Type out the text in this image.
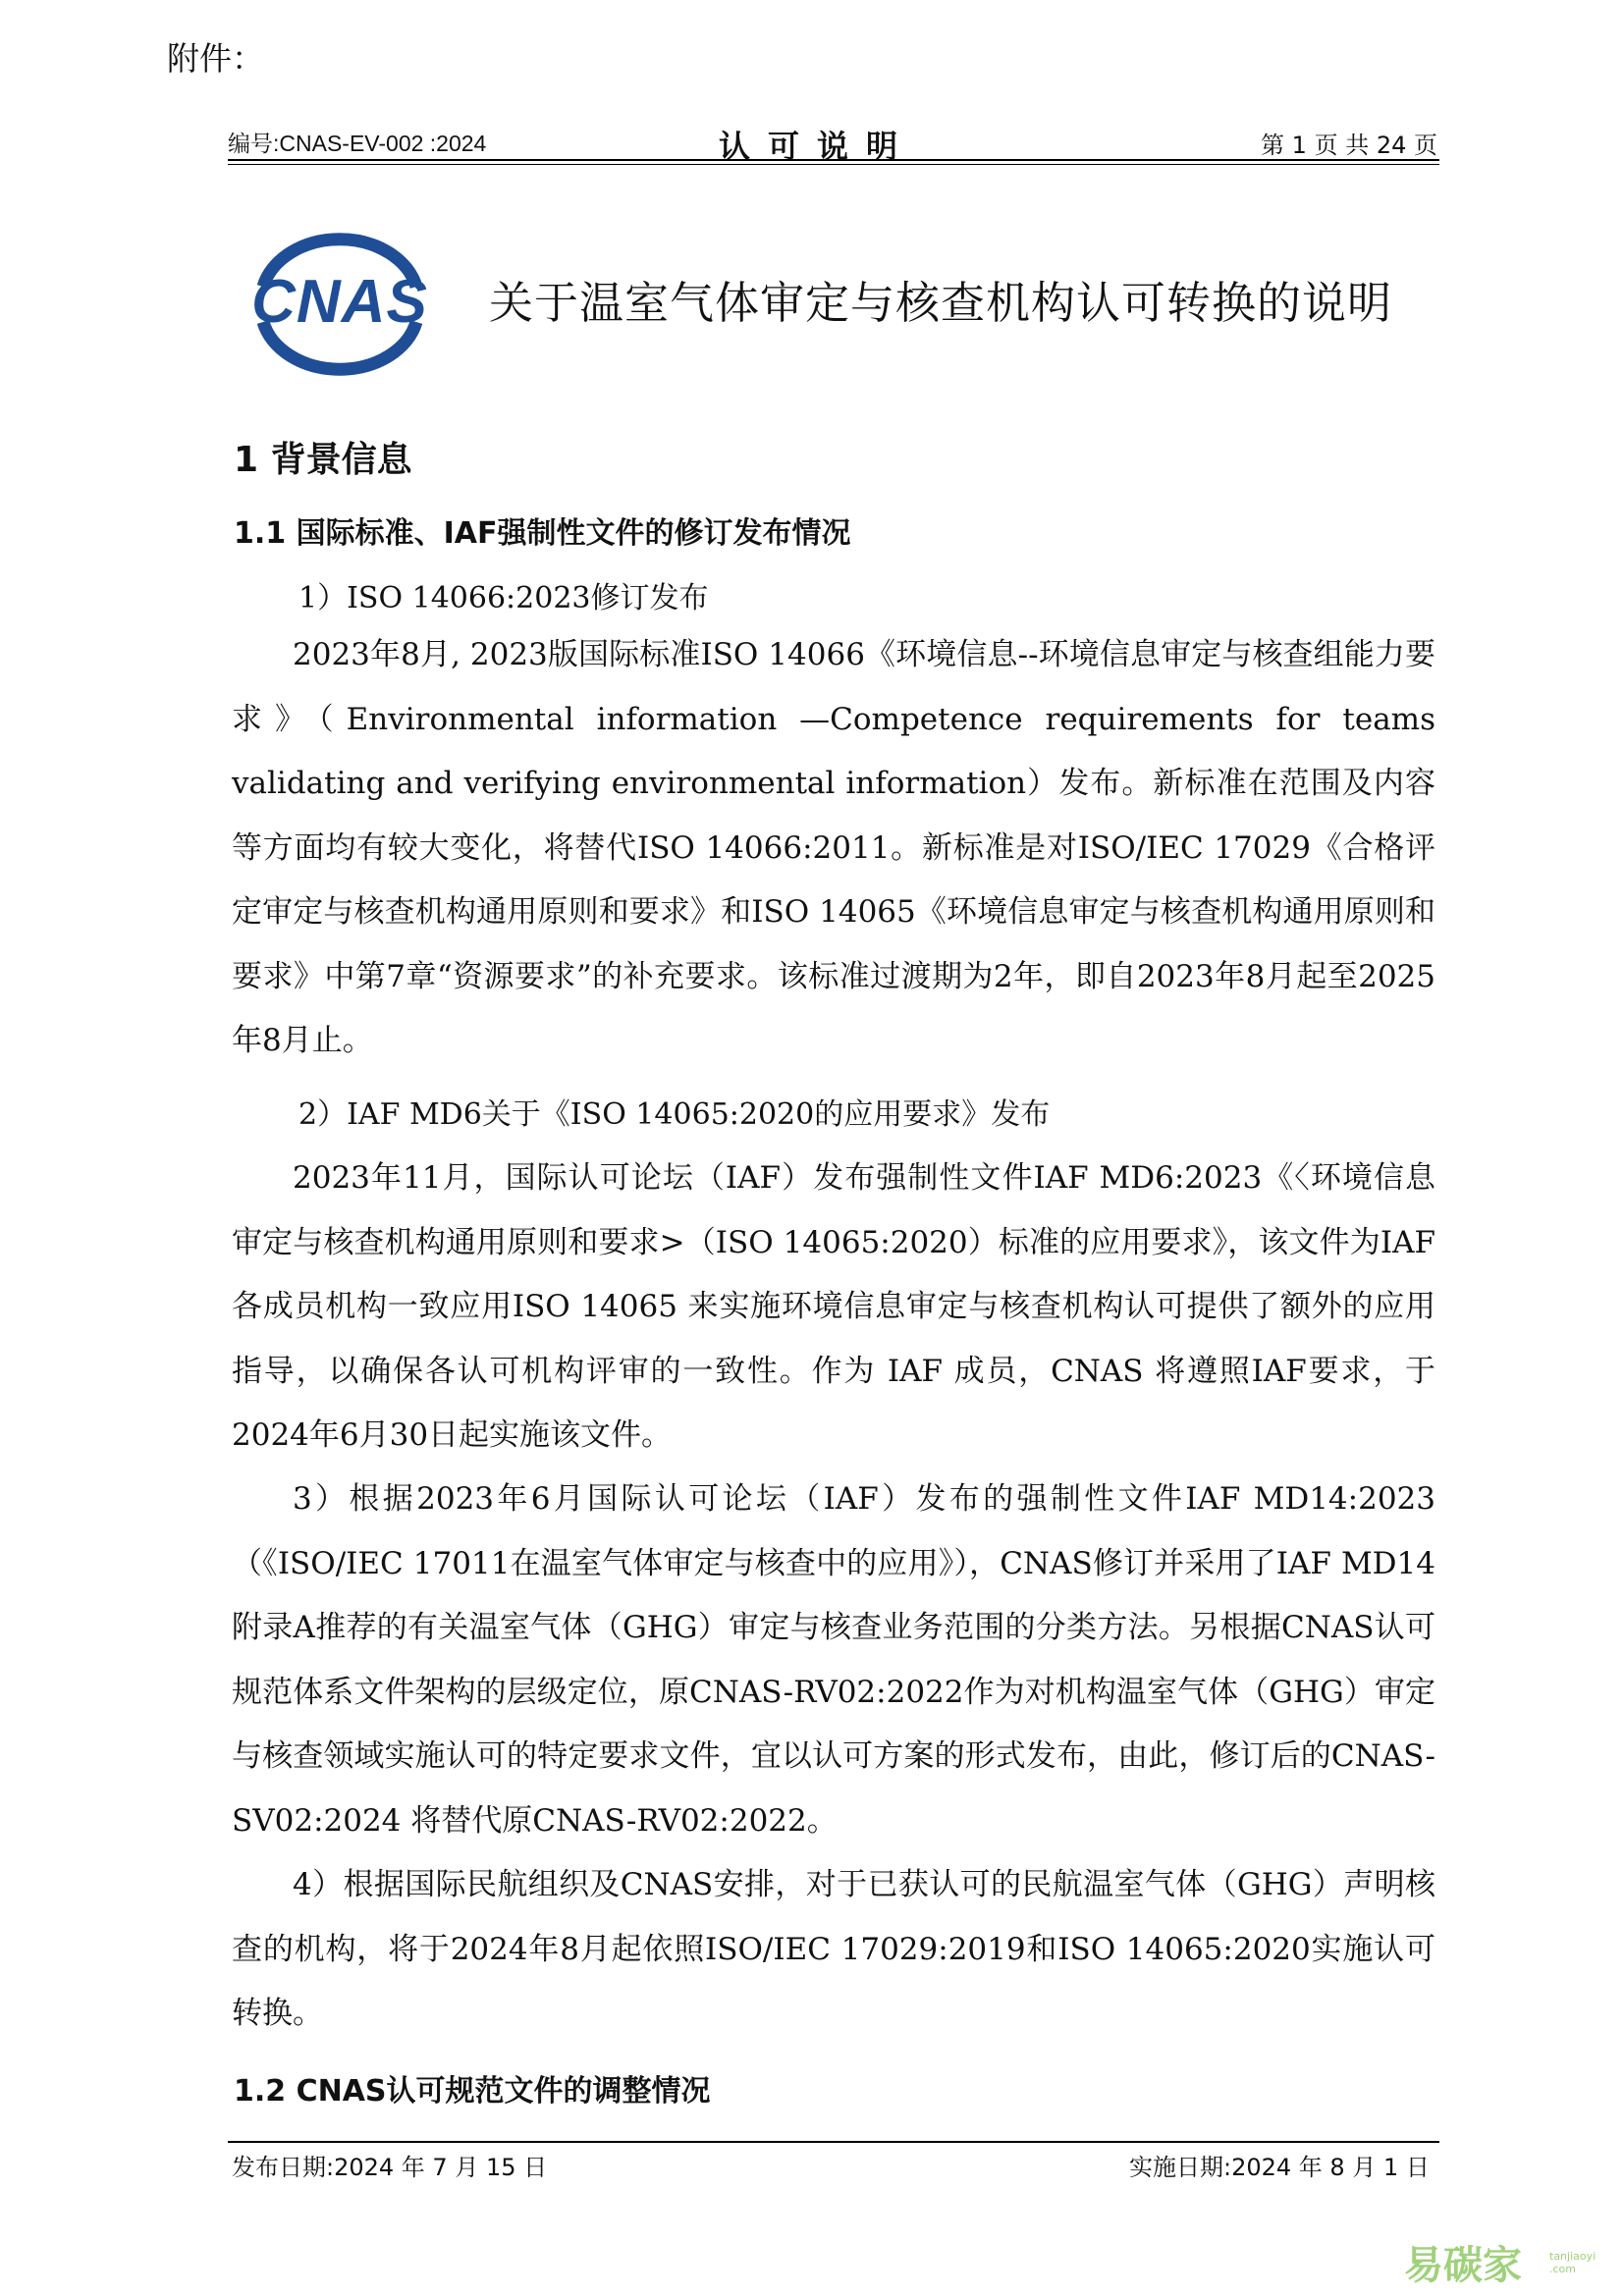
附件：
编号:CNAS-EV-002 :2024	认可说明	第 1 页 共 24 页
CNAS 关于温室气体审定与核查机构认可转换的说明
1 背景信息
1.1 国际标准、IAF强制性文件的修订发布情况
1）ISO 14066:2023修订发布
2023年8月, 2023版国际标准ISO 14066《环境信息--环境信息审定与核查组能力要求》（Environmental information —Competence requirements for teams validating and verifying environmental information）发布。新标准在范围及内容等方面均有较大变化，将替代ISO 14066:2011。新标准是对ISO/IEC 17029《合格评定审定与核查机构通用原则和要求》和ISO 14065《环境信息审定与核查机构通用原则和要求》中第7章“资源要求”的补充要求。该标准过渡期为2年，即自2023年8月起至2025年8月止。
2）IAF MD6关于《ISO 14065:2020的应用要求》发布
2023年11月，国际认可论坛（IAF）发布强制性文件IAF MD6:2023《〈环境信息审定与核查机构通用原则和要求>（ISO 14065:2020）标准的应用要求》，该文件为IAF各成员机构一致应用ISO 14065 来实施环境信息审定与核查机构认可提供了额外的应用指导，以确保各认可机构评审的一致性。作为 IAF 成员，CNAS 将遵照IAF要求，于2024年6月30日起实施该文件。
3）根据2023年6月国际认可论坛（IAF）发布的强制性文件IAF MD14:2023（《ISO/IEC 17011在温室气体审定与核查中的应用》），CNAS修订并采用了IAF MD14附录A推荐的有关温室气体（GHG）审定与核查业务范围的分类方法。另根据CNAS认可规范体系文件架构的层级定位，原CNAS-RV02:2022作为对机构温室气体（GHG）审定与核查领域实施认可的特定要求文件，宜以认可方案的形式发布，由此，修订后的CNAS-SV02:2024 将替代原CNAS-RV02:2022。
4）根据国际民航组织及CNAS安排，对于已获认可的民航温室气体（GHG）声明核查的机构，将于2024年8月起依照ISO/IEC 17029:2019和ISO 14065:2020实施认可转换。
1.2 CNAS认可规范文件的调整情况
发布日期:2024 年 7 月 15 日	实施日期:2024 年 8 月 1 日
易碳家	tanjiaoyi .com
